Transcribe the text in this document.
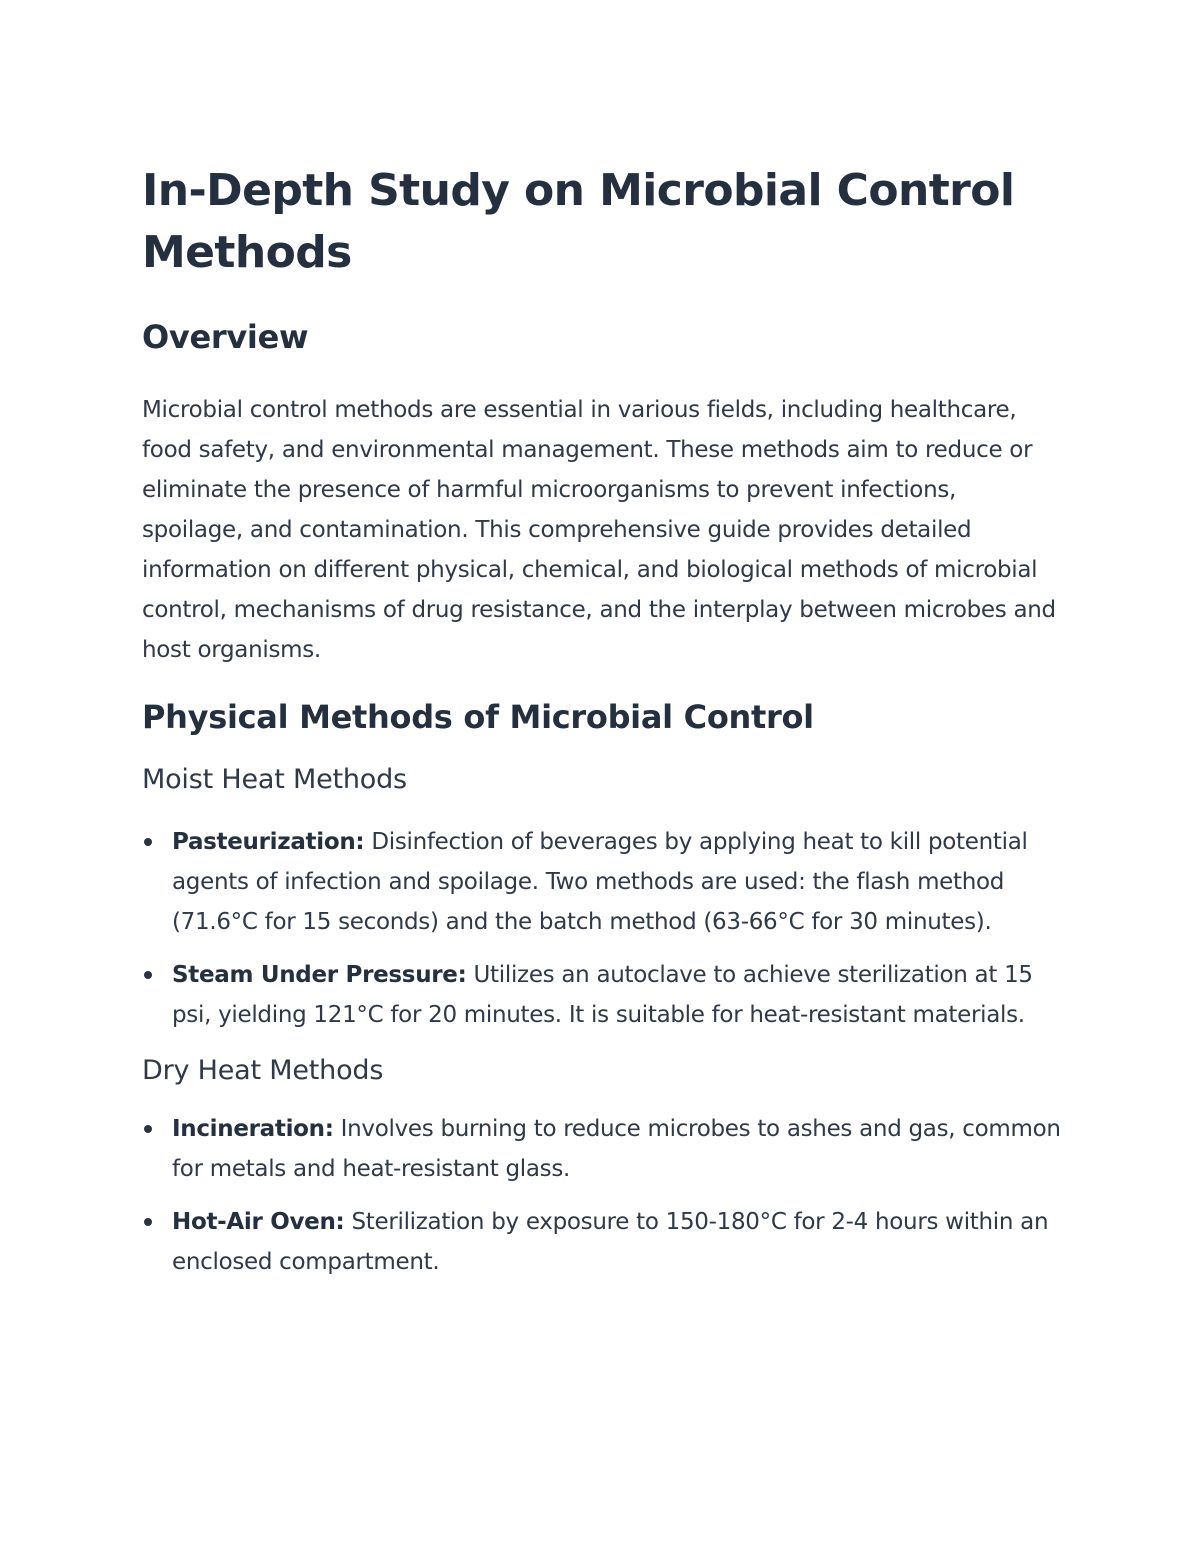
In-Depth Study on Microbial Control Methods
Overview

Microbial control methods are essential in various fields, including healthcare, food safety, and environmental management. These methods aim to reduce or eliminate the presence of harmful microorganisms to prevent infections, spoilage, and contamination. This comprehensive guide provides detailed information on different physical, chemical, and biological methods of microbial control, mechanisms of drug resistance, and the interplay between microbes and host organisms.

Physical Methods of Microbial Control
Moist Heat Methods
Pasteurization: Disinfection of beverages by applying heat to kill potential agents of infection and spoilage. Two methods are used: the flash method (71.6°C for 15 seconds) and the batch method (63-66°C for 30 minutes).
Steam Under Pressure: Utilizes an autoclave to achieve sterilization at 15 psi, yielding 121°C for 20 minutes. It is suitable for heat-resistant materials.
Dry Heat Methods
Incineration: Involves burning to reduce microbes to ashes and gas, common for metals and heat-resistant glass.
Hot-Air Oven: Sterilization by exposure to 150-180°C for 2-4 hours within an enclosed compartment.
